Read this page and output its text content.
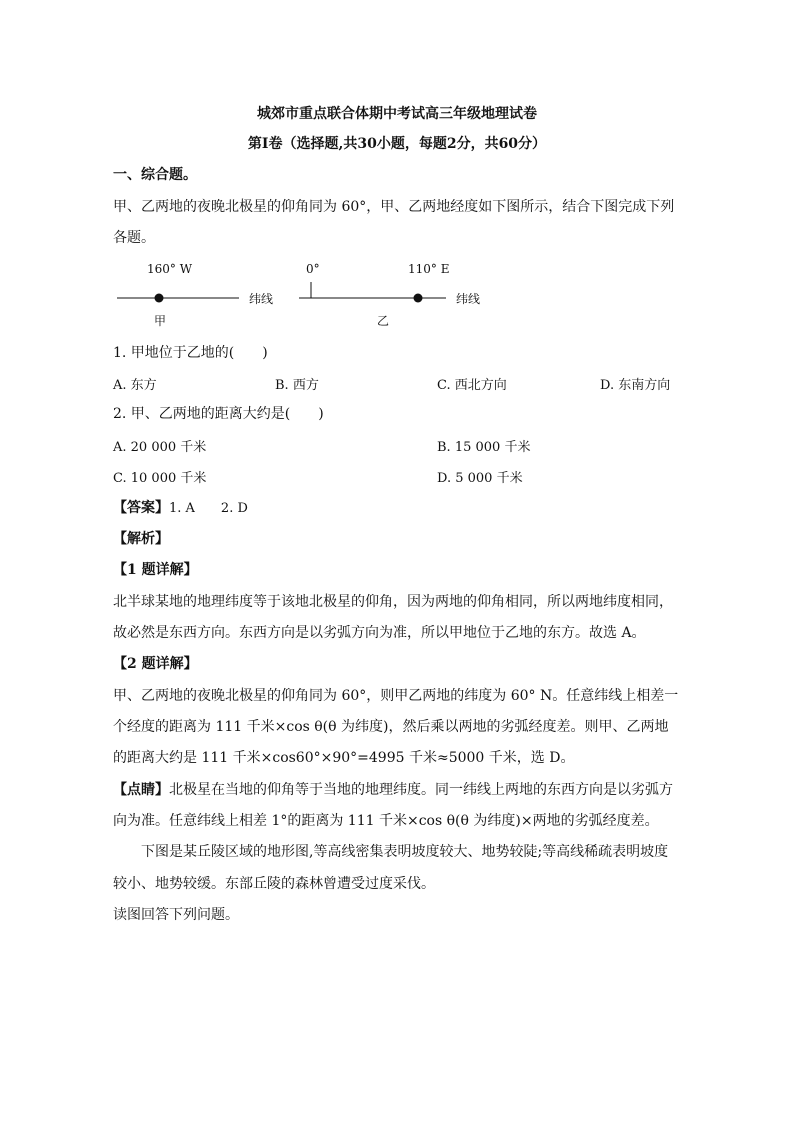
城郊市重点联合体期中考试高三年级地理试卷
第I卷（选择题,共30小题，每题2分，共60分）
一、综合题。
甲、乙两地的夜晚北极星的仰角同为 60°，甲、乙两地经度如下图所示，结合下图完成下列
各题。
160° W
纬线
甲
0°	110° E
纬线
乙
1. 甲地位于乙地的(　　)
A. 东方	B. 西方	C. 西北方向	D. 东南方向
2. 甲、乙两地的距离大约是(　　)
A. 20 000 千米	B. 15 000 千米
C. 10 000 千米	D. 5 000 千米
【答案】1. A　　2. D
【解析】
【1 题详解】
北半球某地的地理纬度等于该地北极星的仰角，因为两地的仰角相同，所以两地纬度相同，
故必然是东西方向。东西方向是以劣弧方向为准，所以甲地位于乙地的东方。故选 A。
【2 题详解】
甲、乙两地的夜晚北极星的仰角同为 60°，则甲乙两地的纬度为 60° N。任意纬线上相差一
个经度的距离为 111 千米×cos θ(θ 为纬度)，然后乘以两地的劣弧经度差。则甲、乙两地
的距离大约是 111 千米×cos60°×90°=4995 千米≈5000 千米，选 D。
【点睛】北极星在当地的仰角等于当地的地理纬度。同一纬线上两地的东西方向是以劣弧方
向为准。任意纬线上相差 1°的距离为 111 千米×cos θ(θ 为纬度)×两地的劣弧经度差。
下图是某丘陵区域的地形图,等高线密集表明坡度较大、地势较陡;等高线稀疏表明坡度
较小、地势较缓。东部丘陵的森林曾遭受过度采伐。
读图回答下列问题。
